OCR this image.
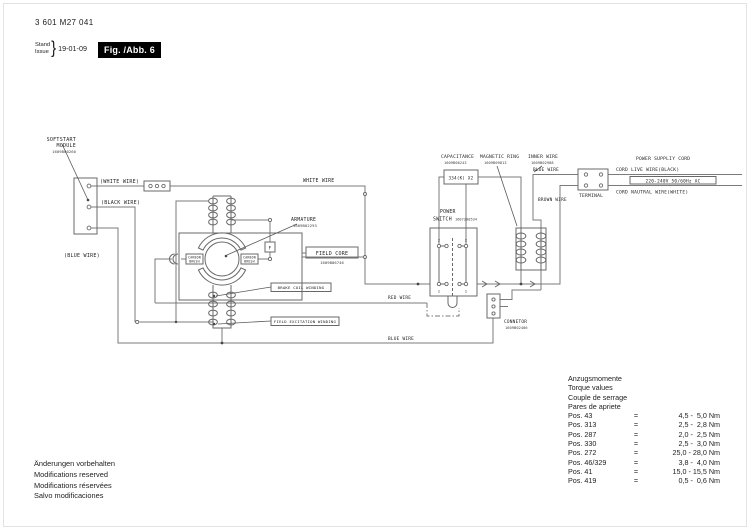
3 601 M27 041
Stand
Issue } 19-01-09	Fig. /Abb. 6
SOFTSTART
MODULE
1609B00260
(WHITE WIRE)
(BLACK WIRE)
(BLUE WIRE)
WHITE WIRE
RED WIRE
BLUE WIRE
BLUE WIRE
BROWN WIRE
ARMATURE
1609B02293
CARBON
BRUSH
CARBON
BRUSH
F
FIELD CORE
1609B06746
BRAKE COIL WINDING
FIELD EXCITATION WINDING
CAPACITANCE
1609B06243
334(K) X2
MAGNETIC RING
1609B09813
INNER WIRE
1609B02988
POWER
SWITCH 1607200534
2	2
1	1
CONNETOR
1609B02406
TERMINAL
POWER SUPPLIY CORD
CORD LIVE WIRE(BLACK)
220-240V 50/60Hz AC
CORD NAUTRAL WIRE(WHITE)
Anzugsmomente
Torque values
Couple de serrage
Pares de apriete
Pos. 43	=	4,5 -  5,0 Nm
Pos. 313	=	2,5 -  2,8 Nm
Pos. 287	=	2,0 -  2,5 Nm
Pos. 330	=	2,5 -  3,0 Nm
Pos. 272	=	25,0 - 28,0 Nm
Pos. 46/329	=	3,8 -  4,0 Nm
Pos. 41	=	15,0 - 15,5 Nm
Pos. 419	=	0,5 -  0,6 Nm
Änderungen vorbehalten
Modifications reserved
Modifications réservées
Salvo modificaciones
